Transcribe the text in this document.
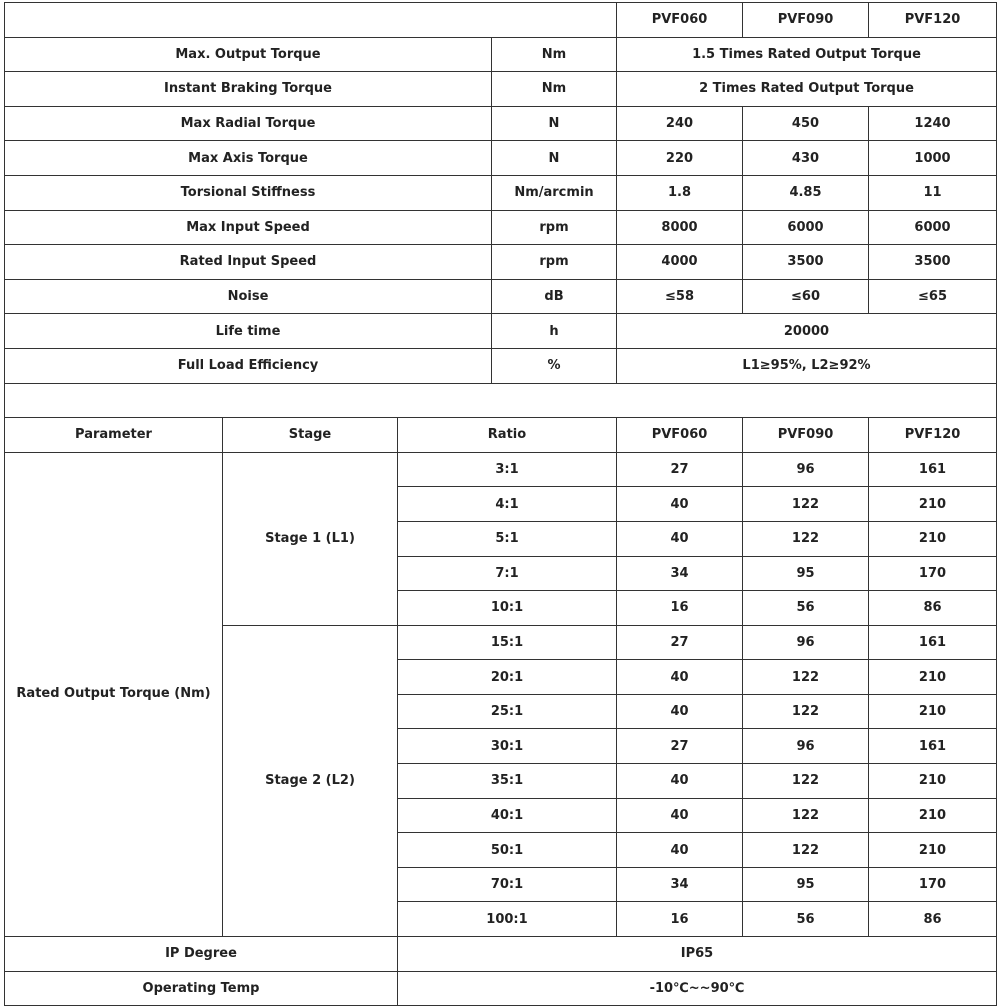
				PVF060	PVF090	PVF120
Max. Output Torque			Nm	1.5 Times Rated Output Torque		
Instant Braking Torque			Nm	2 Times Rated Output Torque		
Max Radial Torque			N	240	450	1240
Max Axis Torque			N	220	430	1000
Torsional Stiffness			Nm/arcmin	1.8	4.85	11
Max Input Speed			rpm	8000	6000	6000
Rated Input Speed			rpm	4000	3500	3500
Noise			dB	≤58	≤60	≤65
Life time			h	20000		
Full Load Efficiency			%	L1≥95%, L2≥92%		

Parameter	Stage	Ratio		PVF060	PVF090	PVF120
Rated Output Torque (Nm)	Stage 1 (L1)	3:1		27	96	161
		4:1		40	122	210
		5:1		40	122	210
		7:1		34	95	170
		10:1		16	56	86
	Stage 2 (L2)	15:1		27	96	161
		20:1		40	122	210
		25:1		40	122	210
		30:1		27	96	161
		35:1		40	122	210
		40:1		40	122	210
		50:1		40	122	210
		70:1		34	95	170
		100:1		16	56	86
IP Degree		IP65				
Operating Temp		-10℃~~90℃				
